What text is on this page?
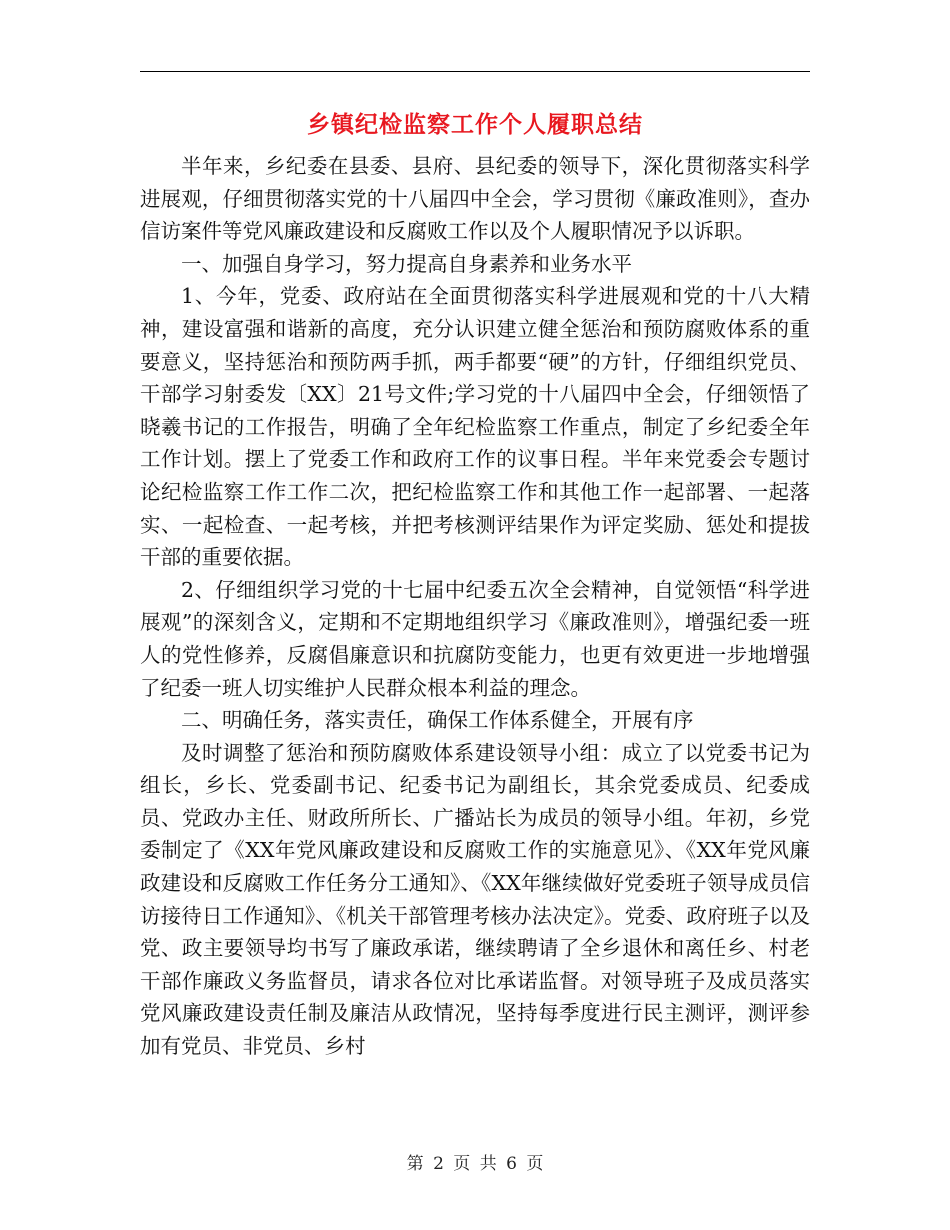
乡镇纪检监察工作个人履职总结

半年来，乡纪委在县委、县府、县纪委的领导下，深化贯彻落实科学进展观，仔细贯彻落实党的十八届四中全会，学习贯彻《廉政准则》，查办信访案件等党风廉政建设和反腐败工作以及个人履职情况予以诉职。

一、加强自身学习，努力提高自身素养和业务水平

1、今年，党委、政府站在全面贯彻落实科学进展观和党的十八大精神，建设富强和谐新的高度，充分认识建立健全惩治和预防腐败体系的重要意义，坚持惩治和预防两手抓，两手都要“硬”的方针，仔细组织党员、干部学习射委发〔XX〕21号文件;学习党的十八届四中全会，仔细领悟了晓羲书记的工作报告，明确了全年纪检监察工作重点，制定了乡纪委全年工作计划。摆上了党委工作和政府工作的议事日程。半年来党委会专题讨论纪检监察工作工作二次，把纪检监察工作和其他工作一起部署、一起落实、一起检查、一起考核，并把考核测评结果作为评定奖励、惩处和提拔干部的重要依据。

2、仔细组织学习党的十七届中纪委五次全会精神，自觉领悟“科学进展观”的深刻含义，定期和不定期地组织学习《廉政准则》，增强纪委一班人的党性修养，反腐倡廉意识和抗腐防变能力，也更有效更进一步地增强了纪委一班人切实维护人民群众根本利益的理念。

二、明确任务，落实责任，确保工作体系健全，开展有序

及时调整了惩治和预防腐败体系建设领导小组：成立了以党委书记为组长，乡长、党委副书记、纪委书记为副组长，其余党委成员、纪委成员、党政办主任、财政所所长、广播站长为成员的领导小组。年初，乡党委制定了《XX年党风廉政建设和反腐败工作的实施意见》、《XX年党风廉政建设和反腐败工作任务分工通知》、《XX年继续做好党委班子领导成员信访接待日工作通知》、《机关干部管理考核办法决定》。党委、政府班子以及党、政主要领导均书写了廉政承诺，继续聘请了全乡退休和离任乡、村老干部作廉政义务监督员，请求各位对比承诺监督。对领导班子及成员落实党风廉政建设责任制及廉洁从政情况，坚持每季度进行民主测评，测评参加有党员、非党员、乡村

第 2 页 共 6 页
